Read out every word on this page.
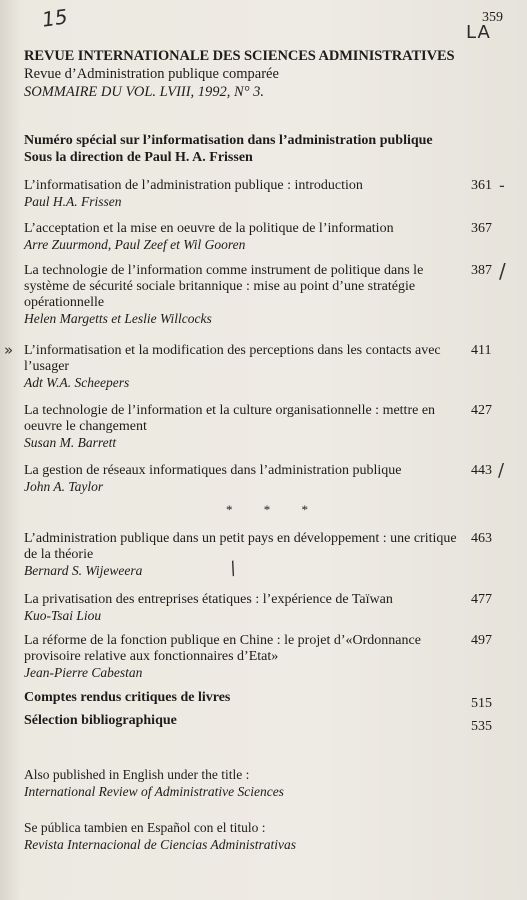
15
LA
359
REVUE INTERNATIONALE DES SCIENCES ADMINISTRATIVES
Revue d’Administration publique comparée
SOMMAIRE DU VOL. LVIII, 1992, N° 3.
Numéro spécial sur l’informatisation dans l’administration publique
Sous la direction de Paul H. A. Frissen
L’informatisation de l’administration publique : introduction
Paul H.A. Frissen
361 -
L’acceptation et la mise en oeuvre de la politique de l’information
Arre Zuurmond, Paul Zeef et Wil Gooren
367
La technologie de l’information comme instrument de politique dans le système de sécurité sociale britannique : mise au point d’une stratégie opérationnelle
Helen Margetts et Leslie Willcocks
387 /
L’informatisation et la modification des perceptions dans les contacts avec l’usager
Adt W.A. Scheepers
411
»
La technologie de l’information et la culture organisationnelle : mettre en oeuvre le changement
Susan M. Barrett
427
La gestion de réseaux informatiques dans l’administration publique
John A. Taylor
443 /
* * *
L’administration publique dans un petit pays en développement : une critique de la théorie
Bernard S. Wijeweera
463
/
La privatisation des entreprises étatiques : l’expérience de Taïwan
Kuo-Tsai Liou
477
La réforme de la fonction publique en Chine : le projet d’«Ordonnance provisoire relative aux fonctionnaires d’Etat»
Jean-Pierre Cabestan
497
Comptes rendus critiques de livres	515
Sélection bibliographique	535
Also published in English under the title :
International Review of Administrative Sciences
Se pública tambien en Español con el titulo :
Revista Internacional de Ciencias Administrativas
